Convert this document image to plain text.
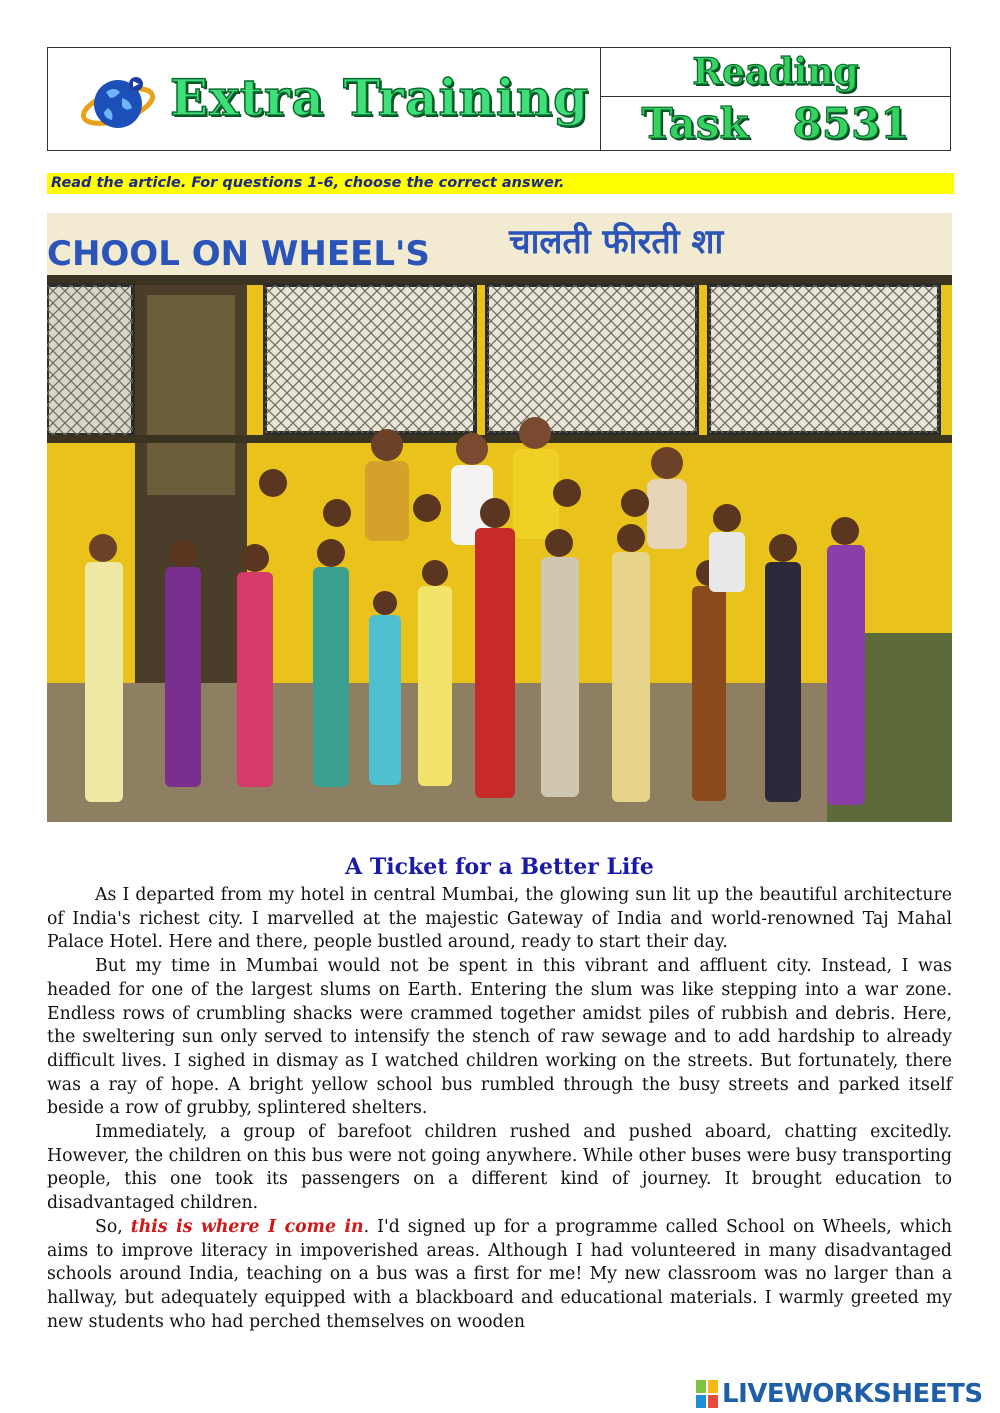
Extra Training	Reading
Task 8531
Read the article. For questions 1-6, choose the correct answer.
CHOOL ON WHEEL'S चालती फीरती शा
A Ticket for a Better Life

As I departed from my hotel in central Mumbai, the glowing sun lit up the beautiful architecture of India's richest city. I marvelled at the majestic Gateway of India and world-renowned Taj Mahal Palace Hotel. Here and there, people bustled around, ready to start their day.

But my time in Mumbai would not be spent in this vibrant and affluent city. Instead, I was headed for one of the largest slums on Earth. Entering the slum was like stepping into a war zone. Endless rows of crumbling shacks were crammed together amidst piles of rubbish and debris. Here, the sweltering sun only served to intensify the stench of raw sewage and to add hardship to already difficult lives. I sighed in dismay as I watched children working on the streets. But fortunately, there was a ray of hope. A bright yellow school bus rumbled through the busy streets and parked itself beside a row of grubby, splintered shelters.

Immediately, a group of barefoot children rushed and pushed aboard, chatting excitedly. However, the children on this bus were not going anywhere. While other buses were busy transporting people, this one took its passengers on a different kind of journey. It brought education to disadvantaged children.

So, this is where I come in. I'd signed up for a programme called School on Wheels, which aims to improve literacy in impoverished areas. Although I had volunteered in many disadvantaged schools around India, teaching on a bus was a first for me! My new classroom was no larger than a hallway, but adequately equipped with a blackboard and educational materials. I warmly greeted my new students who had perched themselves on wooden

LIVEWORKSHEETS
